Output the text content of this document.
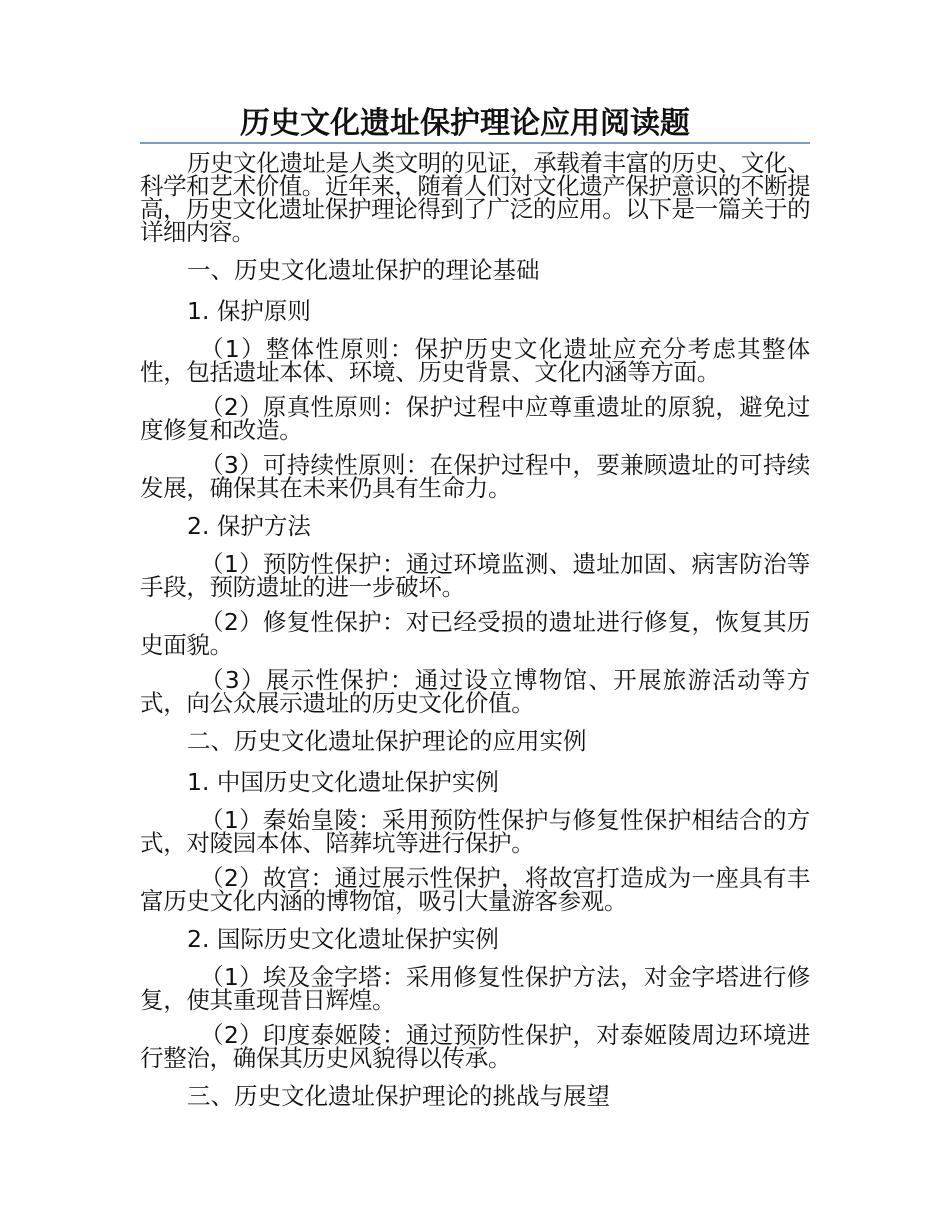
历史文化遗址保护理论应用阅读题

历史文化遗址是人类文明的见证，承载着丰富的历史、文化、科学和艺术价值。近年来，随着人们对文化遗产保护意识的不断提高，历史文化遗址保护理论得到了广泛的应用。以下是一篇关于的详细内容。

一、历史文化遗址保护的理论基础
1. 保护原则

（1）整体性原则：保护历史文化遗址应充分考虑其整体性，包括遗址本体、环境、历史背景、文化内涵等方面。

（2）原真性原则：保护过程中应尊重遗址的原貌，避免过度修复和改造。

（3）可持续性原则：在保护过程中，要兼顾遗址的可持续发展，确保其在未来仍具有生命力。

2. 保护方法

（1）预防性保护：通过环境监测、遗址加固、病害防治等手段，预防遗址的进一步破坏。

（2）修复性保护：对已经受损的遗址进行修复，恢复其历史面貌。

（3）展示性保护：通过设立博物馆、开展旅游活动等方式，向公众展示遗址的历史文化价值。

二、历史文化遗址保护理论的应用实例
1. 中国历史文化遗址保护实例

（1）秦始皇陵：采用预防性保护与修复性保护相结合的方式，对陵园本体、陪葬坑等进行保护。

（2）故宫：通过展示性保护，将故宫打造成为一座具有丰富历史文化内涵的博物馆，吸引大量游客参观。

2. 国际历史文化遗址保护实例

（1）埃及金字塔：采用修复性保护方法，对金字塔进行修复，使其重现昔日辉煌。

（2）印度泰姬陵：通过预防性保护，对泰姬陵周边环境进行整治，确保其历史风貌得以传承。

三、历史文化遗址保护理论的挑战与展望
